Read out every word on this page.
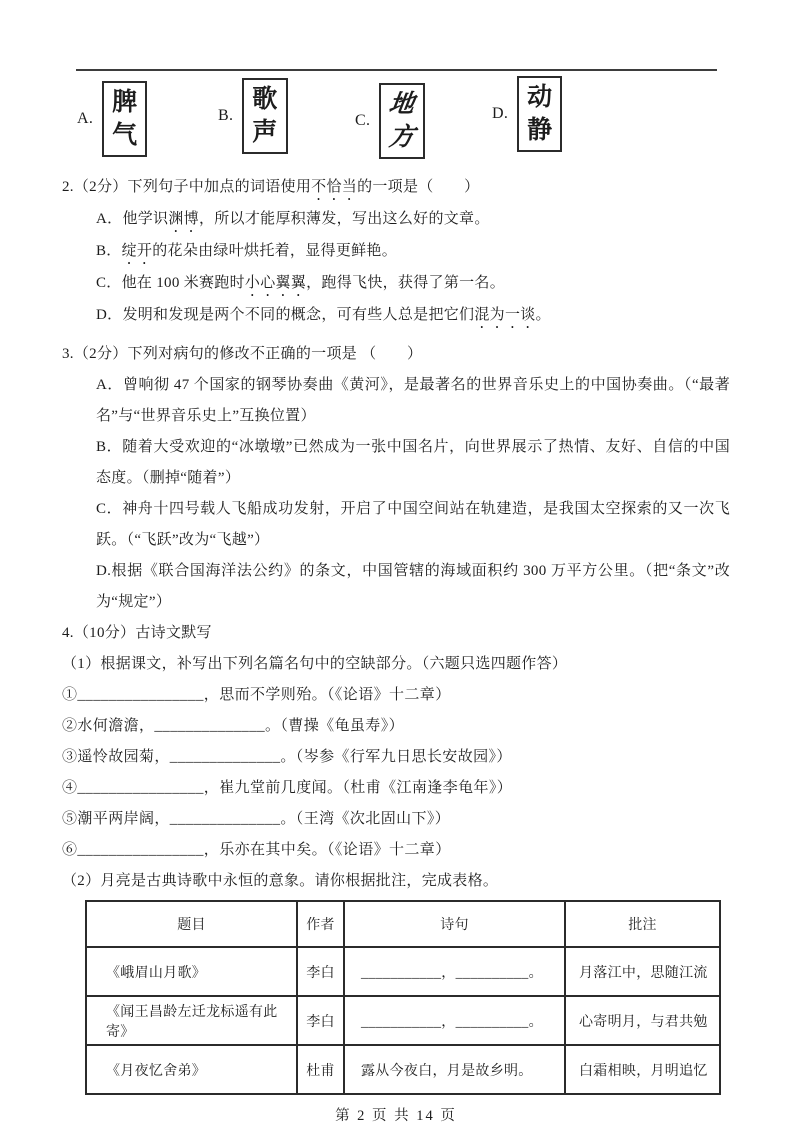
A.
脾
气
B.
歌
声	C.
地
方
D.
动
静

2.（2分）下列句子中加点的词语使用不恰当的一项是（　　）

A．他学识渊博，所以才能厚积薄发，写出这么好的文章。

B．绽开的花朵由绿叶烘托着，显得更鲜艳。

C．他在 100 米赛跑时小心翼翼，跑得飞快，获得了第一名。

D．发明和发现是两个不同的概念，可有些人总是把它们混为一谈。

3.（2分）下列对病句的修改不正确的一项是 （　　）

A．曾响彻 47 个国家的钢琴协奏曲《黄河》，是最著名的世界音乐史上的中国协奏曲。（“最著名”与“世界音乐史上”互换位置）

B．随着大受欢迎的“冰墩墩”已然成为一张中国名片，向世界展示了热情、友好、自信的中国态度。（删掉“随着”）

C．神舟十四号载人飞船成功发射，开启了中国空间站在轨建造，是我国太空探索的又一次飞跃。（“飞跃”改为“飞越”）

D.根据《联合国海洋法公约》的条文，中国管辖的海域面积约 300 万平方公里。（把“条文”改为“规定”）

4.（10分）古诗文默写

（1）根据课文，补写出下列名篇名句中的空缺部分。（六题只选四题作答）

①________________，思而不学则殆。（《论语》十二章）

②水何澹澹，______________。（曹操《龟虽寿》）

③遥怜故园菊，______________。（岑参《行军九日思长安故园》）

④________________，崔九堂前几度闻。（杜甫《江南逢李龟年》）

⑤潮平两岸阔，______________。（王湾《次北固山下》）

⑥________________，乐亦在其中矣。（《论语》十二章）

（2）月亮是古典诗歌中永恒的意象。请你根据批注，完成表格。

题目	作者	诗句	批注
《峨眉山月歌》	李白	___________，__________。	月落江中，思随江流
《闻王昌龄左迁龙标遥有此寄》	李白	___________，__________。	心寄明月，与君共勉
《月夜忆舍弟》	杜甫	露从今夜白，月是故乡明。	白霜相映，月明追忆
第 2 页 共 14 页
